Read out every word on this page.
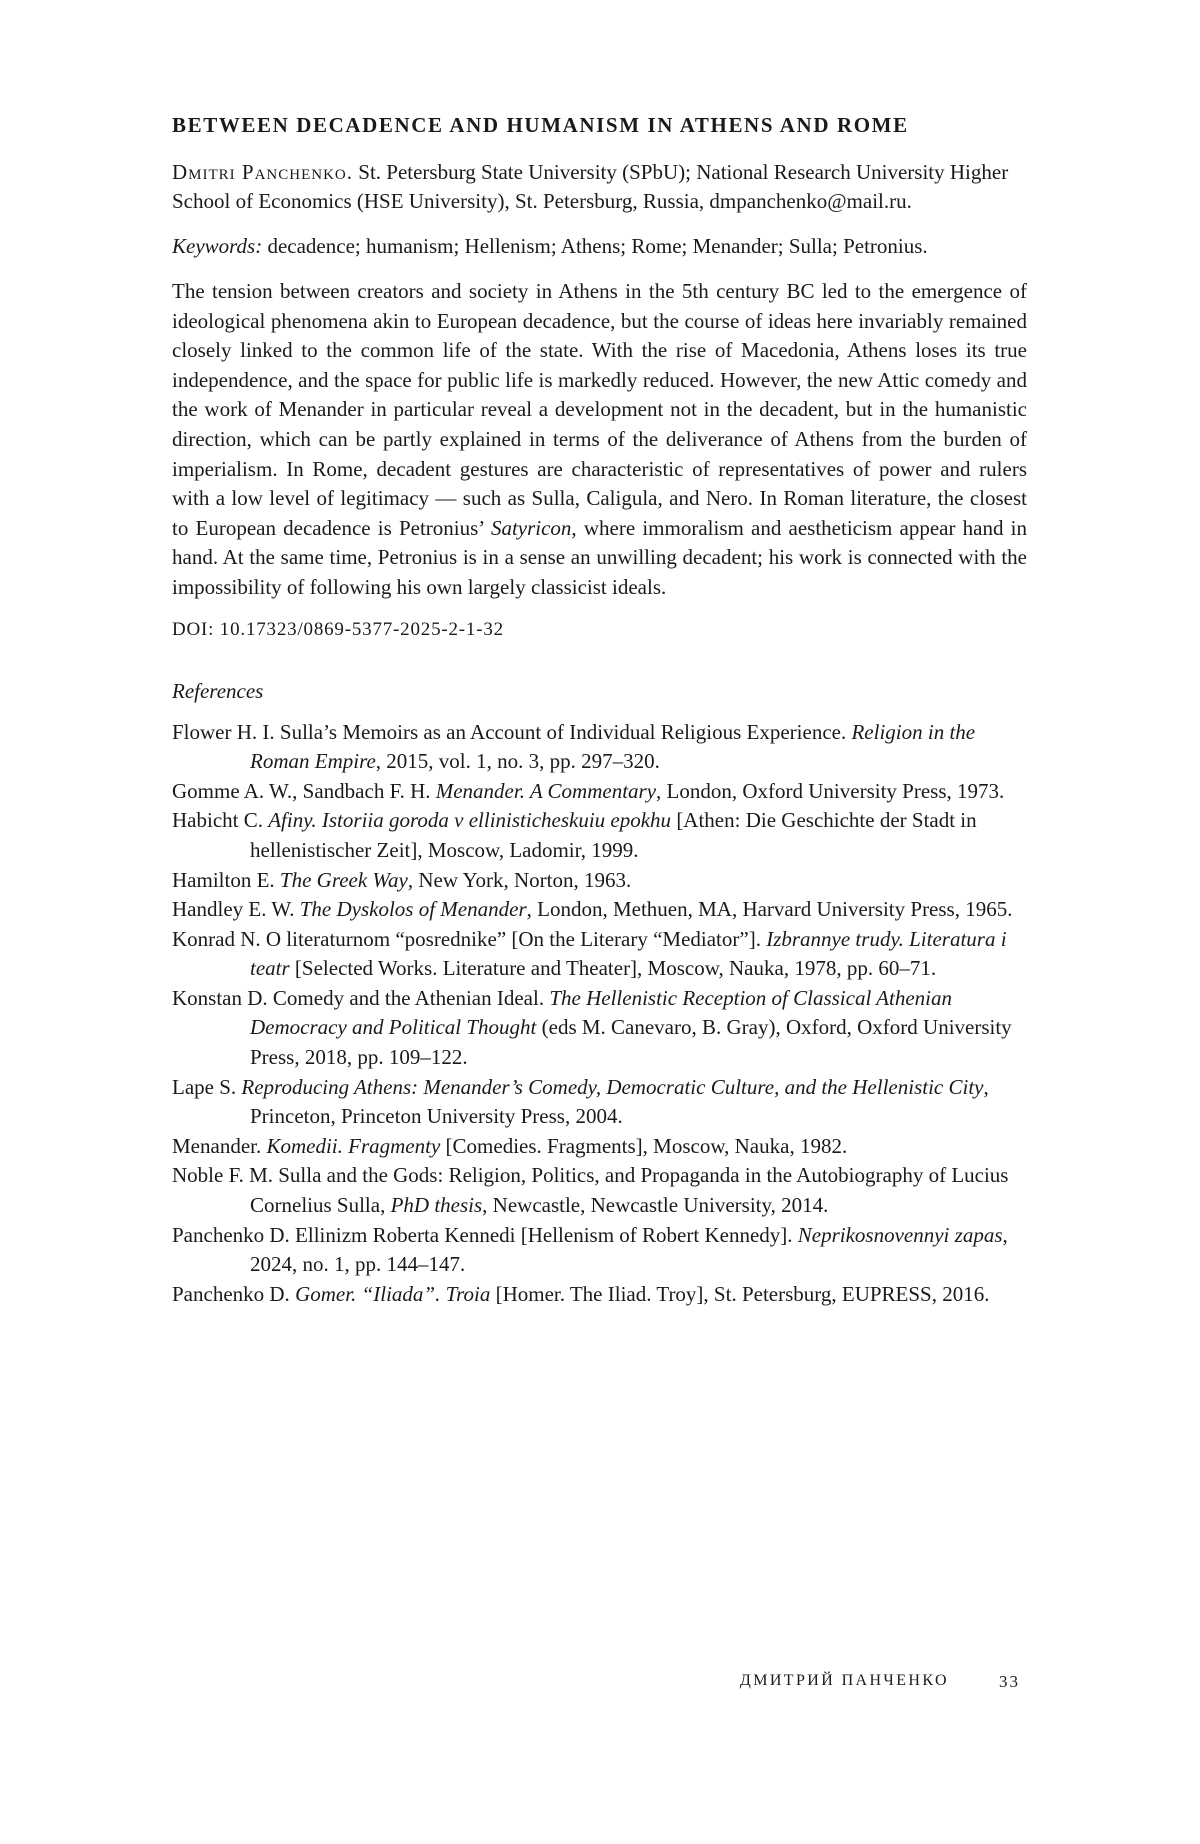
BETWEEN DECADENCE AND HUMANISM IN ATHENS AND ROME

Dmitri Panchenko. St. Petersburg State University (SPbU); National Research University Higher School of Economics (HSE University), St. Petersburg, Russia, dmpanchenko@mail.ru.

Keywords: decadence; humanism; Hellenism; Athens; Rome; Menander; Sulla; Petronius.

The tension between creators and society in Athens in the 5th century BC led to the emergence of ideological phenomena akin to European decadence, but the course of ideas here invariably remained closely linked to the common life of the state. With the rise of Macedonia, Athens loses its true independence, and the space for public life is markedly reduced. However, the new Attic comedy and the work of Menander in particular reveal a development not in the decadent, but in the humanistic direction, which can be partly explained in terms of the deliverance of Athens from the burden of imperialism. In Rome, decadent gestures are characteristic of representatives of power and rulers with a low level of legitimacy — such as Sulla, Caligula, and Nero. In Roman literature, the closest to European decadence is Petronius’ Satyricon, where immoralism and aestheticism appear hand in hand. At the same time, Petronius is in a sense an unwilling decadent; his work is connected with the impossibility of following his own largely classicist ideals.

DOI: 10.17323/0869-5377-2025-2-1-32

References

Flower H. I. Sulla’s Memoirs as an Account of Individual Religious Experience. Religion in the Roman Empire, 2015, vol. 1, no. 3, pp. 297–320.
Gomme A. W., Sandbach F. H. Menander. A Commentary, London, Oxford University Press, 1973.
Habicht C. Afiny. Istoriia goroda v ellinisticheskuiu epokhu [Athen: Die Geschichte der Stadt in hellenistischer Zeit], Moscow, Ladomir, 1999.
Hamilton E. The Greek Way, New York, Norton, 1963.
Handley E. W. The Dyskolos of Menander, London, Methuen, MA, Harvard University Press, 1965.
Konrad N. O literaturnom “posrednike” [On the Literary “Mediator”]. Izbrannye trudy. Literatura i teatr [Selected Works. Literature and Theater], Moscow, Nauka, 1978, pp. 60–71.
Konstan D. Comedy and the Athenian Ideal. The Hellenistic Reception of Classical Athenian Democracy and Political Thought (eds M. Canevaro, B. Gray), Oxford, Oxford University Press, 2018, pp. 109–122.
Lape S. Reproducing Athens: Menander’s Comedy, Democratic Culture, and the Hellenistic City, Princeton, Princeton University Press, 2004.
Menander. Komedii. Fragmenty [Comedies. Fragments], Moscow, Nauka, 1982.
Noble F. M. Sulla and the Gods: Religion, Politics, and Propaganda in the Autobiography of Lucius Cornelius Sulla, PhD thesis, Newcastle, Newcastle University, 2014.
Panchenko D. Ellinizm Roberta Kennedi [Hellenism of Robert Kennedy]. Neprikosnovennyi zapas, 2024, no. 1, pp. 144–147.
Panchenko D. Gomer. “Iliada”. Troia [Homer. The Iliad. Troy], St. Petersburg, EUPRESS, 2016.
ДМИТРИЙ ПАНЧЕНКО	33
